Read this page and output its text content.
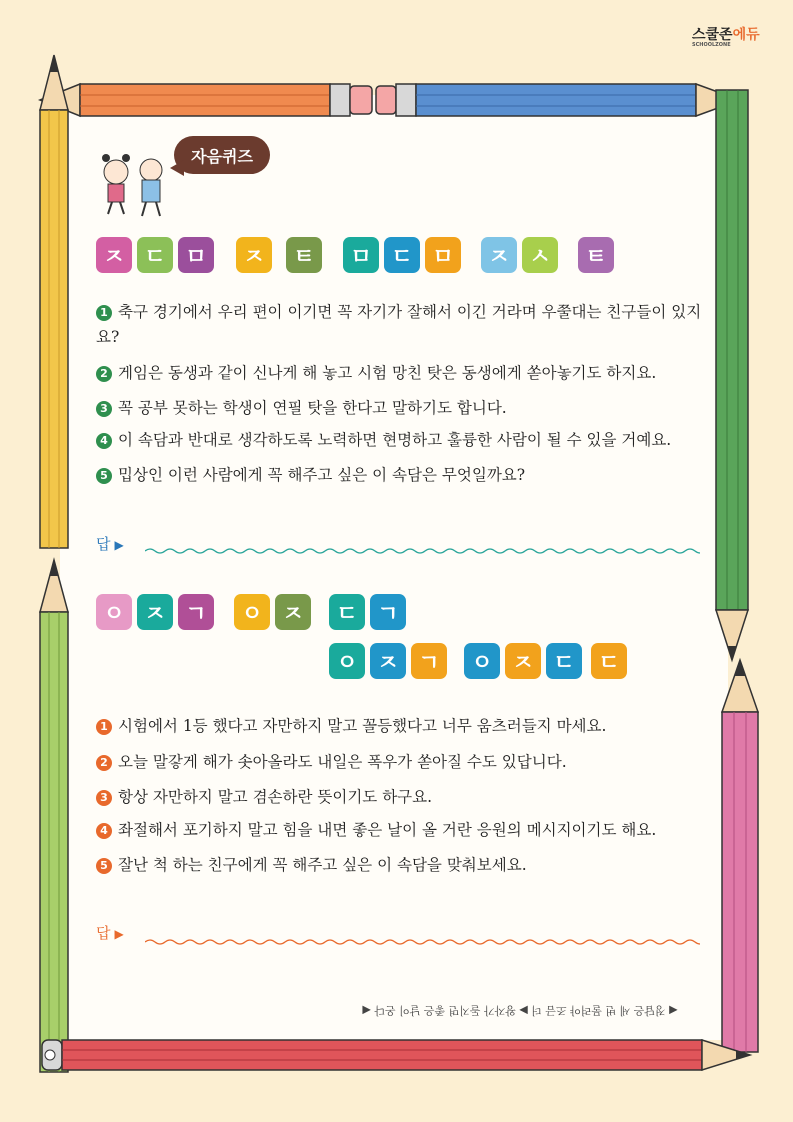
스쿨존에듀
SCHOOLZONE
자음퀴즈
ㅈ ㄷ ㅁ	ㅈ	ㅌ	ㅁ ㄷ ㅁ	ㅈ ㅅ	ㅌ
1 축구 경기에서 우리 편이 이기면 꼭 자기가 잘해서 이긴 거라며 우쭐대는 친구들이 있지요?
2 게임은 동생과 같이 신나게 해 놓고 시험 망친 탓은 동생에게 쏟아놓기도 하지요.
3 꼭 공부 못하는 학생이 연필 탓을 한다고 말하기도 합니다.
4 이 속담과 반대로 생각하도록 노력하면 현명하고 훌륭한 사람이 될 수 있을 거예요.
5 밉상인 이런 사람에게 꼭 해주고 싶은 이 속담은 무엇일까요?
답 ▶
ㅇ ㅈ ㄱ	ㅇ ㅈ	ㄷ ㄱ
ㅇ ㅈ ㄱ	ㅇ ㅈ ㄷ	ㄷ
1 시험에서 1등 했다고 자만하지 말고 꼴등했다고 너무 움츠러들지 마세요.
2 오늘 말갛게 해가 솟아올라도 내일은 폭우가 쏟아질 수도 있답니다.
3 항상 자만하지 말고 겸손하란 뜻이기도 하구요.
4 좌절해서 포기하지 말고 힘을 내면 좋은 날이 올 거란 응원의 메시지이기도 해요.
5 잘난 척 하는 친구에게 꼭 해주고 싶은 이 속담을 맞춰보세요.
답 ▶
◀ 정답은 세 번 물려야 조금 더 ▶ 왕자가 돌지면 좋은 날이 온다 ◀
